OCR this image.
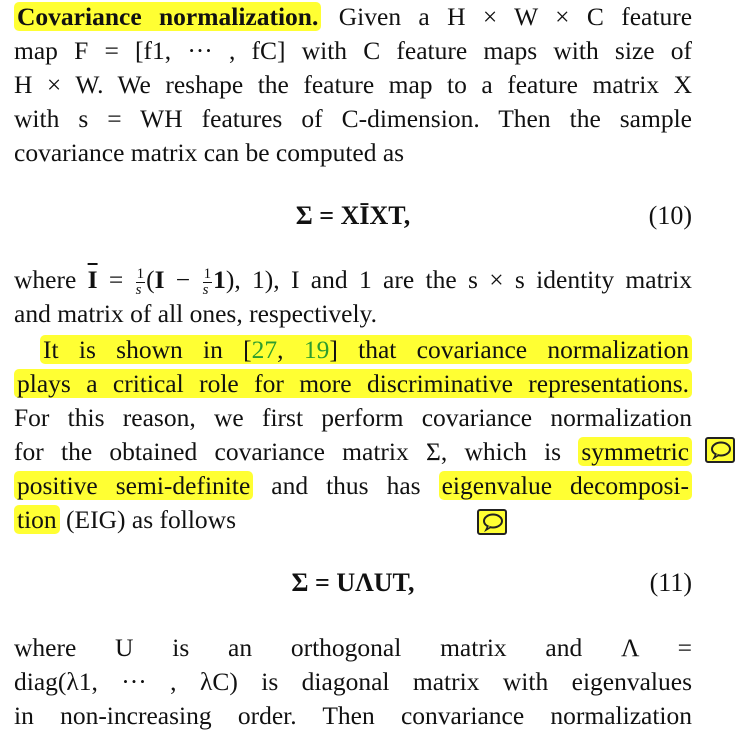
Covariance normalization. Given a H × W × C feature
map F = [f1, ··· , fC] with C feature maps with size of
H × W. We reshape the feature map to a feature matrix X
with s = WH features of C-dimension. Then the sample
covariance matrix can be computed as
Σ = XĪXT,	(10)
where $\overline{I} = \frac{1}{s} (I - \frac{1}{s} 1)$, 1), I and 1 are the s × s identity matrix
and matrix of all ones, respectively.
It is shown in [27, 19] that covariance normalization
plays a critical role for more discriminative representations.
For this reason, we first perform covariance normalization
for the obtained covariance matrix Σ, which is symmetric
positive semi-definite and thus has eigenvalue decomposi-
tion (EIG) as follows
Σ = UΛUT,	(11)
where U is an orthogonal matrix and Λ =
diag(λ1, ··· , λC) is diagonal matrix with eigenvalues
in non-increasing order. Then convariance normalization
